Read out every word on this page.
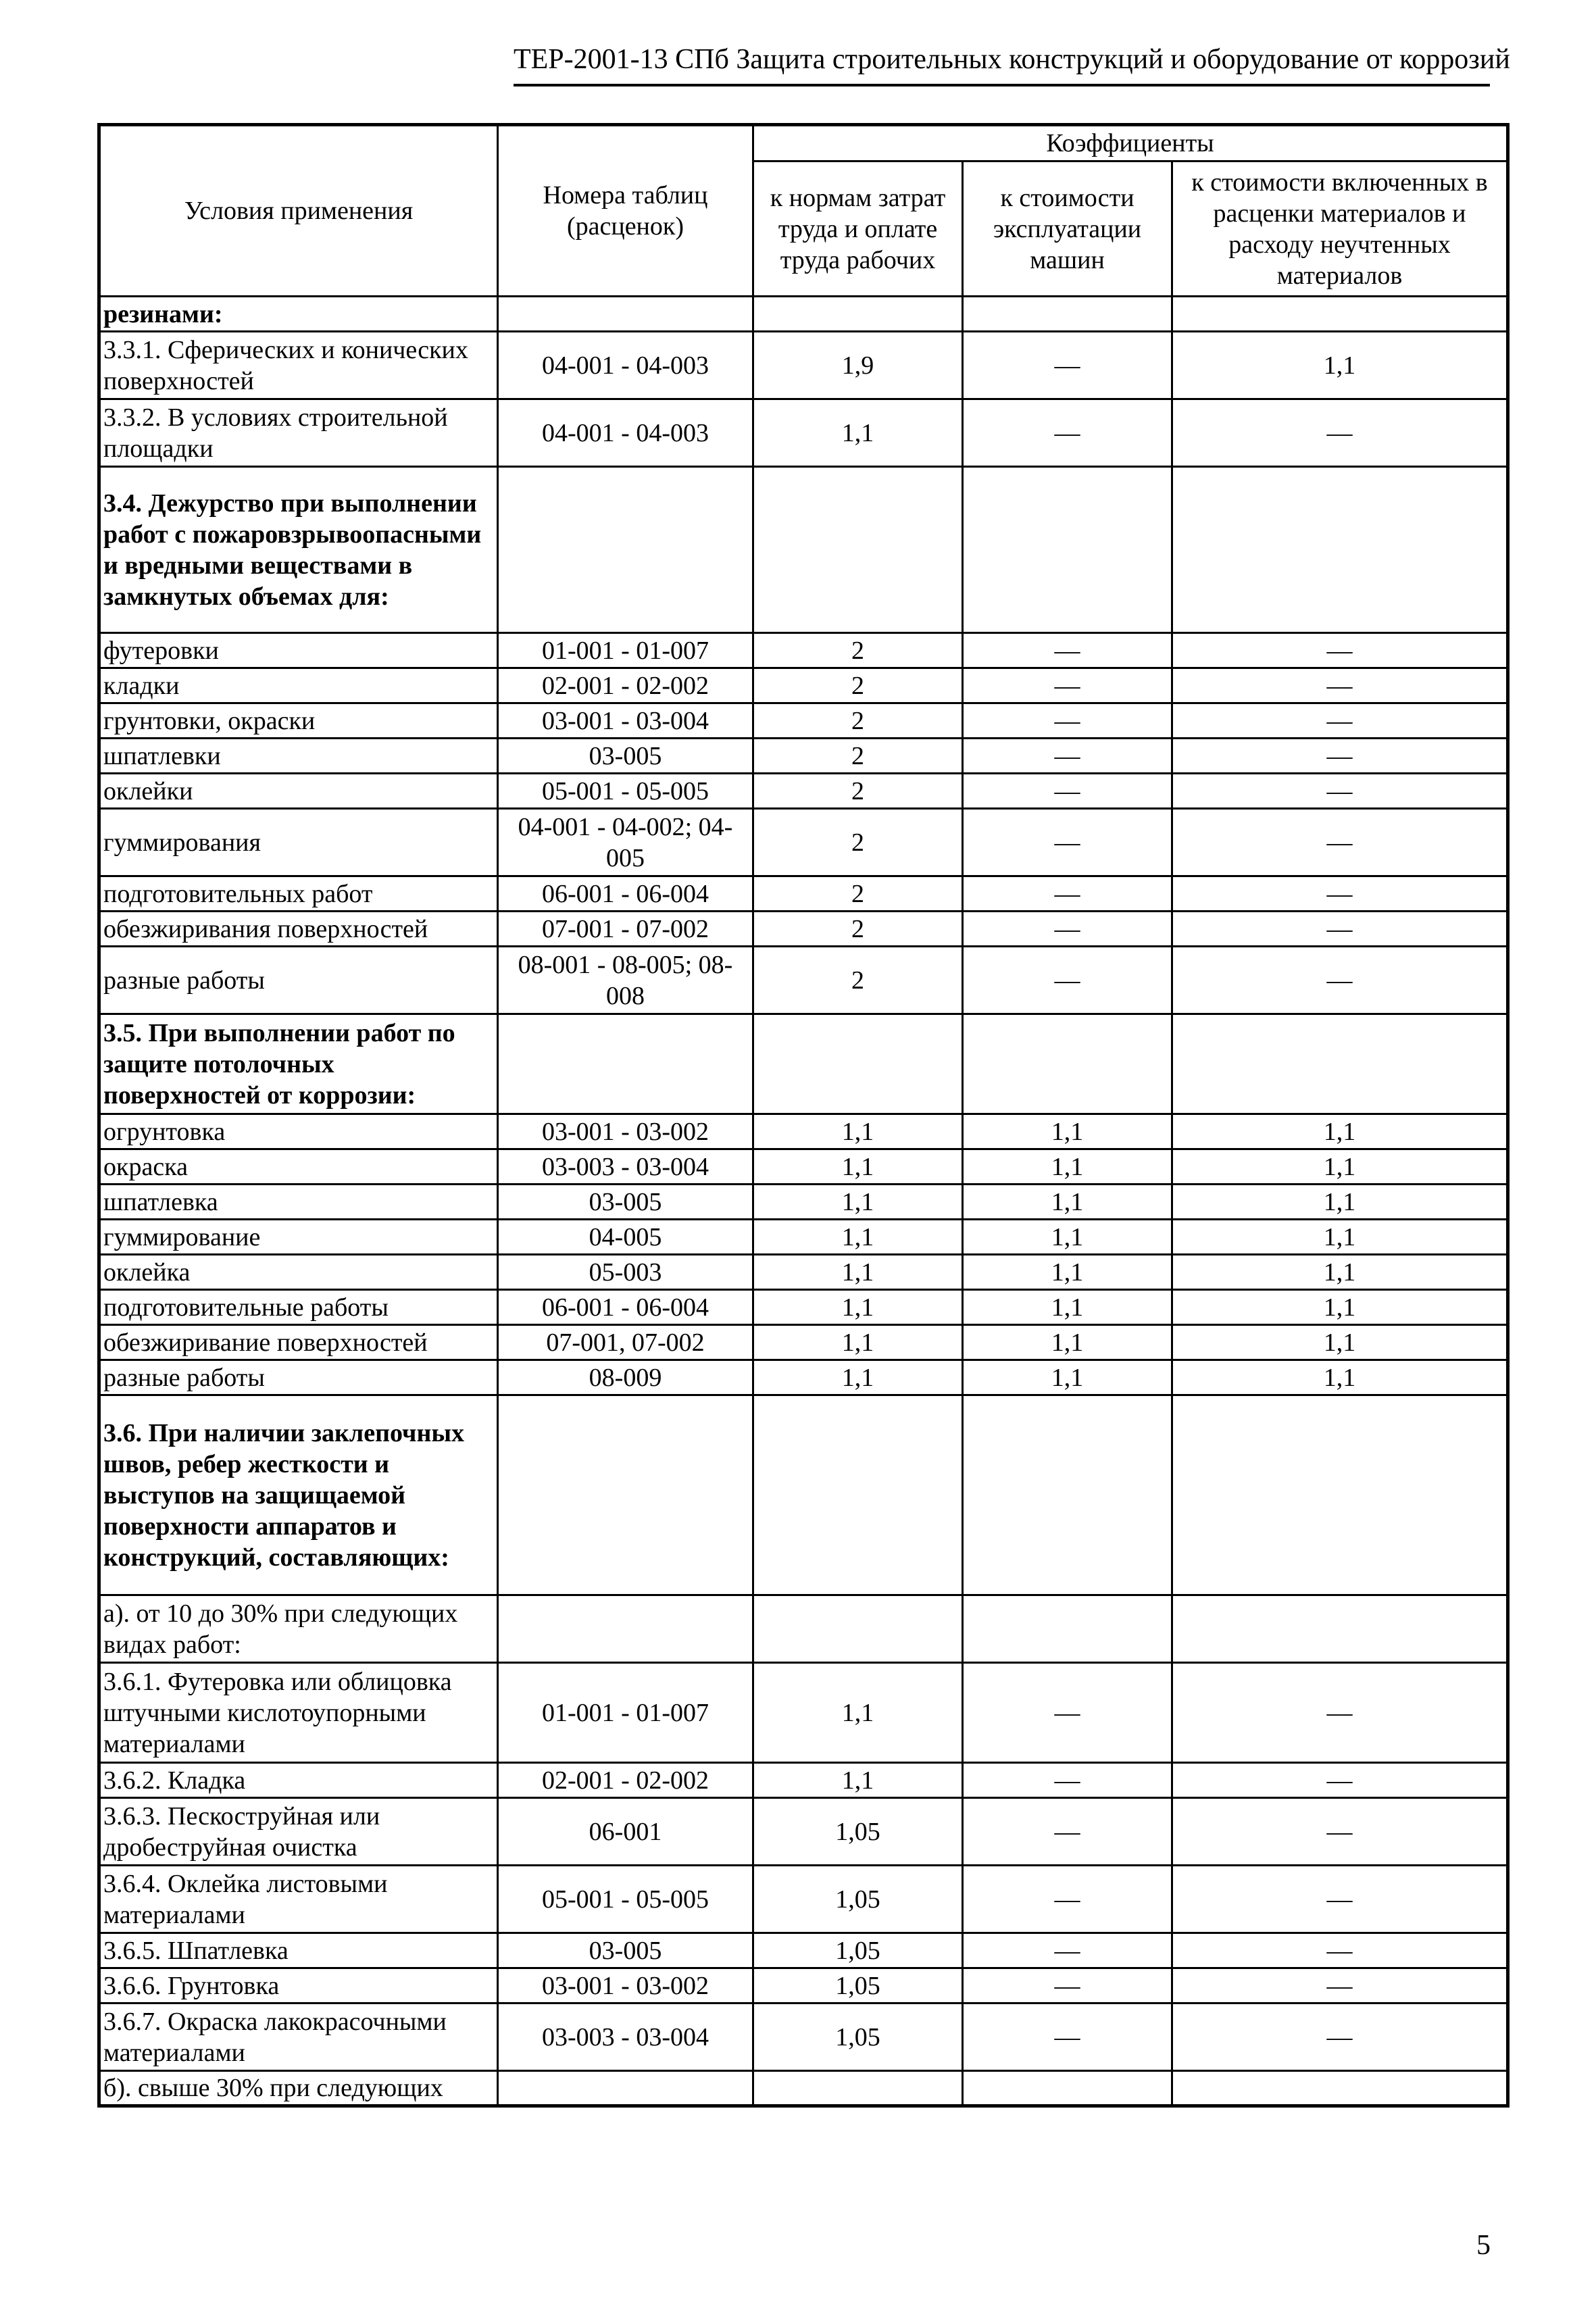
ТЕР-2001-13 СПб Защита строительных конструкций и оборудование от коррозий
Условия применения	Номера таблиц (расценок)	Коэффициенты		
		к нормам затрат труда и оплате труда рабочих	к стоимости эксплуатации машин	к стоимости включенных в расценки материалов и расходу неучтенных материалов
резинами:				
3.3.1. Сферических и конических поверхностей	04-001 - 04-003	1,9	—	1,1
3.3.2. В условиях строительной площадки	04-001 - 04-003	1,1	—	—
3.4. Дежурство при выполнении работ с пожаровзрывоопасными и вредными веществами в замкнутых объемах для:				
футеровки	01-001 - 01-007	2	—	—
кладки	02-001 - 02-002	2	—	—
грунтовки, окраски	03-001 - 03-004	2	—	—
шпатлевки	03-005	2	—	—
оклейки	05-001 - 05-005	2	—	—
гуммирования	04-001 - 04-002; 04-005	2	—	—
подготовительных работ	06-001 - 06-004	2	—	—
обезжиривания поверхностей	07-001 - 07-002	2	—	—
разные работы	08-001 - 08-005; 08-008	2	—	—
3.5. При выполнении работ по защите потолочных поверхностей от коррозии:				
огрунтовка	03-001 - 03-002	1,1	1,1	1,1
окраска	03-003 - 03-004	1,1	1,1	1,1
шпатлевка	03-005	1,1	1,1	1,1
гуммирование	04-005	1,1	1,1	1,1
оклейка	05-003	1,1	1,1	1,1
подготовительные работы	06-001 - 06-004	1,1	1,1	1,1
обезжиривание поверхностей	07-001, 07-002	1,1	1,1	1,1
разные работы	08-009	1,1	1,1	1,1
3.6. При наличии заклепочных швов, ребер жесткости и выступов на защищаемой поверхности аппаратов и конструкций, составляющих:				
а). от 10 до 30% при следующих видах работ:				
3.6.1. Футеровка или облицовка штучными кислотоупорными материалами	01-001 - 01-007	1,1	—	—
3.6.2. Кладка	02-001 - 02-002	1,1	—	—
3.6.3. Пескоструйная или дробеструйная очистка	06-001	1,05	—	—
3.6.4. Оклейка листовыми материалами	05-001 - 05-005	1,05	—	—
3.6.5. Шпатлевка	03-005	1,05	—	—
3.6.6. Грунтовка	03-001 - 03-002	1,05	—	—
3.6.7. Окраска лакокрасочными материалами	03-003 - 03-004	1,05	—	—
б). свыше 30% при следующих				
5
